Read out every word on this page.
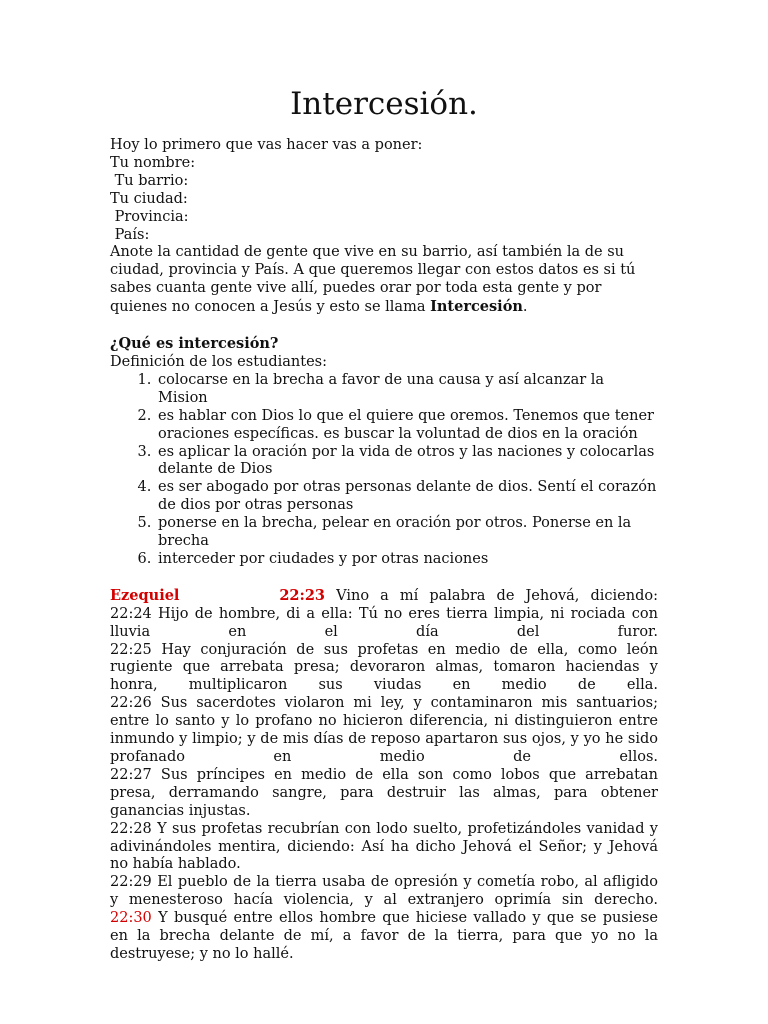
Intercesión.
Hoy lo primero que vas hacer vas a poner:
Tu nombre:
Tu barrio:
Tu ciudad:
Provincia:
País:
Anote la cantidad de gente que vive en su barrio, así también la de su ciudad, provincia y País. A que queremos llegar con estos datos es si tú sabes cuanta gente vive allí, puedes orar por toda esta gente y por quienes no conocen a Jesús y esto se llama Intercesión.
¿Qué es intercesión?
Definición de los estudiantes:
1. colocarse en la brecha a favor de una causa y así alcanzar la Mision
2. es hablar con Dios lo que el quiere que oremos. Tenemos que tener oraciones específicas. es buscar la voluntad de dios en la oración
3. es aplicar la oración por la vida de otros y las naciones y colocarlas delante de Dios
4. es ser abogado por otras personas delante de dios. Sentí el corazón de dios por otras personas
5. ponerse en la brecha, pelear en oración por otros. Ponerse en la brecha
6. interceder por ciudades y por otras naciones
Ezequiel	22:23 Vino a mí palabra de Jehová, diciendo:
22:24 Hijo de hombre, di a ella: Tú no eres tierra limpia, ni rociada con lluvia en el día del furor.
22:25 Hay conjuración de sus profetas en medio de ella, como león rugiente que arrebata presa; devoraron almas, tomaron haciendas y honra, multiplicaron sus viudas en medio de ella.
22:26 Sus sacerdotes violaron mi ley, y contaminaron mis santuarios; entre lo santo y lo profano no hicieron diferencia, ni distinguieron entre inmundo y limpio; y de mis días de reposo apartaron sus ojos, y yo he sido profanado en medio de ellos.
22:27 Sus príncipes en medio de ella son como lobos que arrebatan presa, derramando sangre, para destruir las almas, para obtener ganancias injustas.
22:28 Y sus profetas recubrían con lodo suelto, profetizándoles vanidad y adivinándoles mentira, diciendo: Así ha dicho Jehová el Señor; y Jehová no había hablado.
22:29 El pueblo de la tierra usaba de opresión y cometía robo, al afligido y menesteroso hacía violencia, y al extranjero oprimía sin derecho.
22:30 Y busqué entre ellos hombre que hiciese vallado y que se pusiese en la brecha delante de mí, a favor de la tierra, para que yo no la destruyese; y no lo hallé.
